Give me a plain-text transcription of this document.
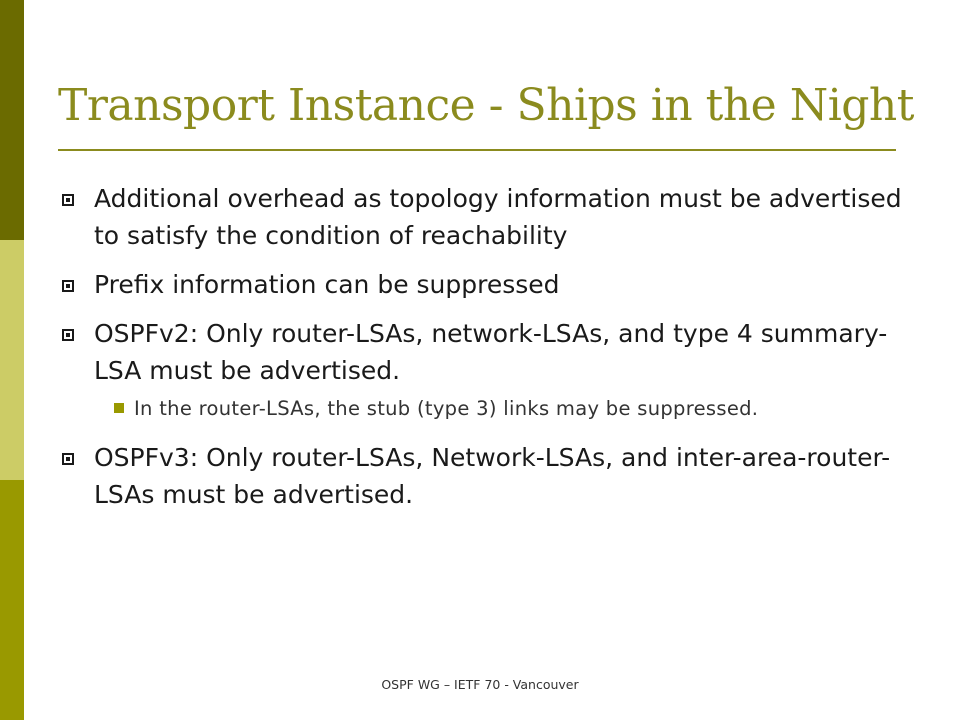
Transport Instance - Ships in the Night
Additional overhead as topology information must be advertised to satisfy the condition of reachability
Prefix information can be suppressed
OSPFv2: Only router-LSAs, network-LSAs, and type 4 summary-LSA must be advertised.
In the router-LSAs, the stub (type 3) links may be suppressed.
OSPFv3: Only router-LSAs, Network-LSAs, and inter-area-router-LSAs must be advertised.
OSPF WG – IETF 70 - Vancouver
